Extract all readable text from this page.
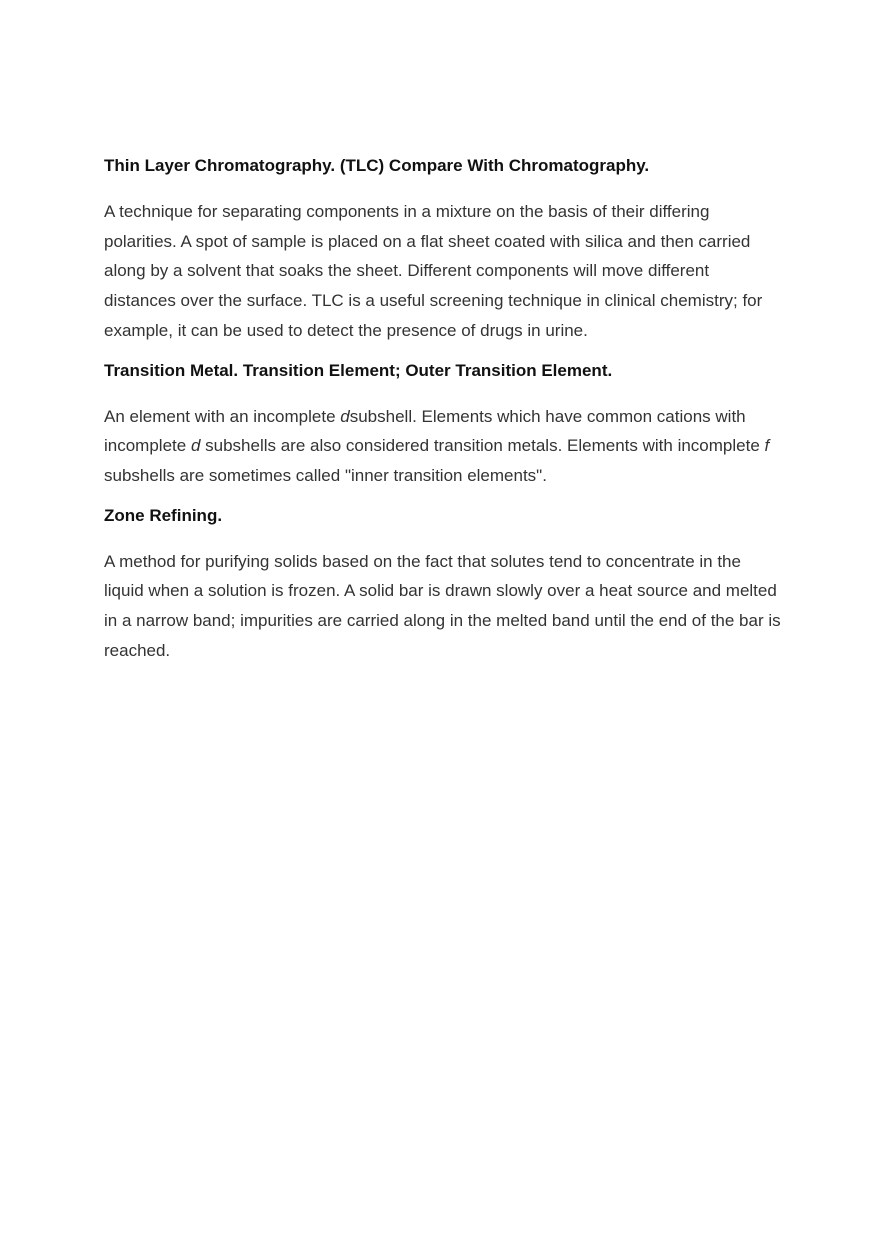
Thin Layer Chromatography. (TLC) Compare With Chromatography.

A technique for separating components in a mixture on the basis of their differing polarities. A spot of sample is placed on a flat sheet coated with silica and then carried along by a solvent that soaks the sheet. Different components will move different distances over the surface. TLC is a useful screening technique in clinical chemistry; for example, it can be used to detect the presence of drugs in urine.

Transition Metal. Transition Element; Outer Transition Element.

An element with an incomplete dsubshell. Elements which have common cations with incomplete d subshells are also considered transition metals. Elements with incomplete f subshells are sometimes called "inner transition elements".

Zone Refining.

A method for purifying solids based on the fact that solutes tend to concentrate in the liquid when a solution is frozen. A solid bar is drawn slowly over a heat source and melted in a narrow band; impurities are carried along in the melted band until the end of the bar is reached.
